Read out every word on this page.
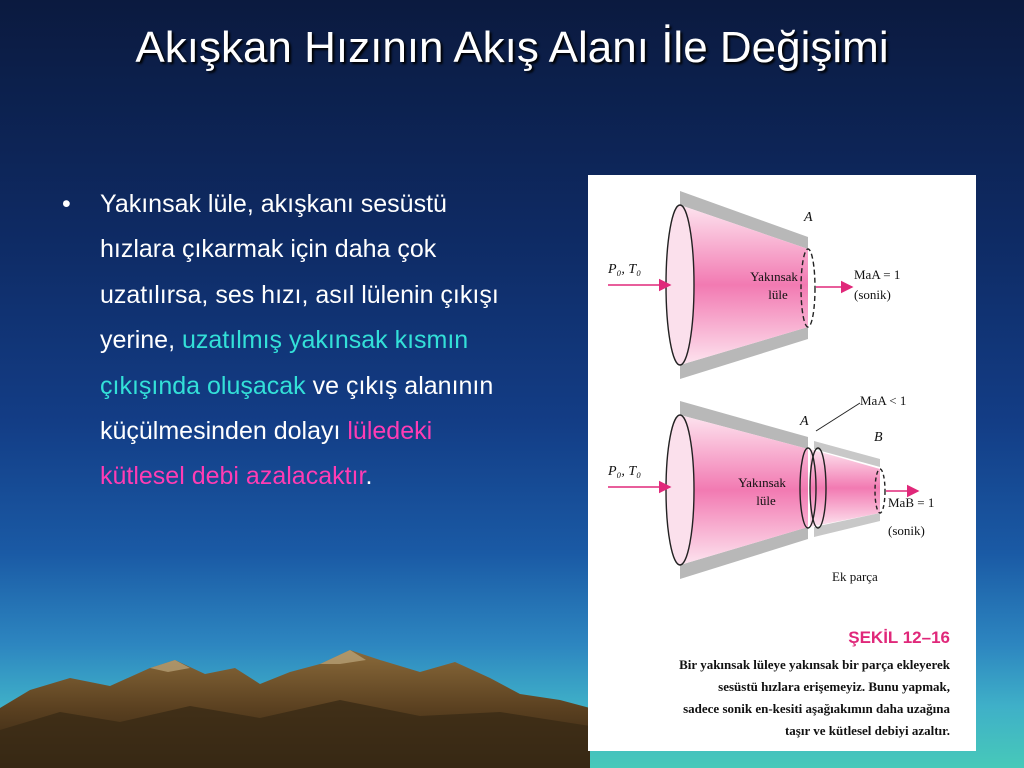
Akışkan Hızının Akış Alanı İle Değişimi
• Yakınsak lüle, akışkanı sesüstü hızlara çıkarmak için daha çok uzatılırsa, ses hızı, asıl lülenin çıkışı yerine, uzatılmış yakınsak kısmın çıkışında oluşacak ve çıkış alanının küçülmesinden dolayı lüledeki kütlesel debi azalacaktır.
P₀, T₀	Yakınsak
lüle
A
MaA = 1
(sonik)
P₀, T₀
Yakınsak
lüle
A
B
MaA < 1
MaB = 1
(sonik)
Ek parça
ŞEKİL 12–16
Bir yakınsak lüleye yakınsak bir parça ekleyerek
sesüstü hızlara erişemeyiz. Bunu yapmak,
sadece sonik en-kesiti aşağıakımın daha uzağına
taşır ve kütlesel debiyi azaltır.
